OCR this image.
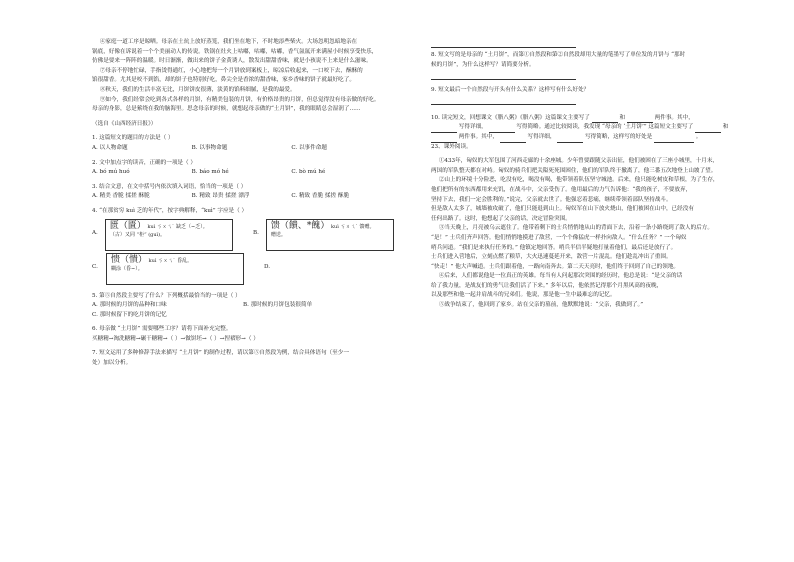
④家庭一道工序是晾晒。母亲在土炕上放好蒸笼，我们坐在地下，不时地添些柴火。大场忽明忽暗地亲在

锅底，好像在诉说着一个个美丽动人的传说。铁锅在灶火上咕嘟，咕嘟，咕嘟，香气氤氲开来满屋小时候享受快乐，

仿佛是要来一阵阵的温暖。时日渐渐，做出来的饼子金黄诱人，散发出甜甜香味，就是小孩说不上来是什么滋味。

⑦母亲不停地忙碌，手指烫得通红，小心地把每一个月饼放到案板上，晾凉后收起来，一口咬下去，酥酥的

馅很甜香。尤其是咬不到馅，却的饼子也特别好吃，鼻尖全是香浓的甜香味，家乡香味的饼子就最好吃了。

⑧秋天，我们的生活丰富无比，月饼饼皮很薄，淡黄的馅料细腻，是我的最爱。

⑨如今，我们经常会吃到各式各样的月饼，有精美包装的月饼，有价格昂贵的月饼，但总觉得没有母亲做的好吃。

母亲的身影，总是萦绕在我的脑海里。思念母亲的时候，就想起母亲做的“土月饼”，我的眼睛总会湿润了……

（选自《山西经济日报》）

1. 这篇短文的题目的方法是（ ）

A. 以人物命题	B. 以事物命题	C. 以事件命题

2. 文中加点字的读音，正确的一项是（ ）

A. bó mú huó	B. báo mó hé	C. bò mú hé

3. 结合文意，在文中括号内依次填入词语，恰当的一项是（ ）

A. 精美 香脆 揉搓 酥脆	B. 精致 昂贵 揉搓 漂浮	C. 精致 香脆 揉搓 酥脆

4. “在那贫穷 kuì 乏的年代”，按字典解释，“kuì” 字应是（ ）

A.
匮（匱） kuì ㄎㄨㄟˋ 缺乏（~乏）。
（古）又同 “柜” (guì)。	B.
馈（饋、*餽） kuì ㄎㄨㄟˋ 馈赠。
赠送。
C.
愦（憒） kuì ㄎㄨㄟˋ 昏乱。
糊涂（昏~）。	D.

5. 第⑤自然段主要写了什么？下列概括最恰当的一项是（ ）

A. 那时候的月饼的品种和口味	B. 那时候的月饼包装很简单

C. 那时候留下的吃月饼的记忆

6. 母亲做 “土月饼” 需要哪些工序？请将下面补充完整。

买糖精→淘洗糖精→碾干糖精→（ ）→做饼坯→（ ）→捏褶形→（ ）

7. 短文运用了多种修辞手法来描写 “土月饼” 的制作过程，请以第⑤自然段为例，结合具体语句（至少一

处）加以分析。

8. 短文写的是母亲的 “土月饼”，而第①自然段和第②自然段却用大量的笔墨写了单位发的月饼与 “那时

候的月饼”，为什么这样写？请简要分析。

9. 短文最后一个自然段与开头有什么关系？这样写有什么好处？

10. 读完短文，回想课文《腊八粥》《腊八粥》这篇课文主要写了	和	两件事。其中，

写得详细，	写得简略。通过比较阅读，我发现 “母亲的 ‘土月饼’” 这篇短文主要写了	和

两件事。其中，	写得详细，	写得简略，这样写的好处是	。

23、课外阅读。

①433年，匈奴的大军包围了河西走廊的十余座城。少年曾要跟随父亲出征，他们被困在了三座小城里，十月末，

两国的军队整天都在对峙。匈奴的骑兵们把关隘死死围困住，他们的军队终于撤离了，他三番五次地登上山坡了望。

②山上的环境十分险恶，吃没有吃，喝没有喝，他带领着队伍坚守城池。后来，他只能吃树皮和草根，为了生存，

他们把所有的东西都用来充饥，在战斗中，父亲受伤了。他用最后的力气告诉他：“我的孩子，不要放弃，

坚持下去，我们一定会胜利的。”说完，父亲就去世了。他强忍着悲痛，继续带领着部队坚持战斗。

但是敌人太多了，城墙被攻破了，他们只能退到山上。匈奴军在山下放火烧山，他们被困在山中，已经没有

任何出路了。这时，他想起了父亲的话，决定冒险突围。

③当天晚上，月亮被乌云遮住了。他带着剩下的士兵悄悄地从山的背面下去，沿着一条小路绕到了敌人的后方。

“是！” 士兵们齐声回答。他们悄悄地摸进了敌营，一个个像猛虎一样扑向敌人。“什么任务？” 一个匈奴

哨兵问道。“我们是来执行任务的。” 他镇定地回答。哨兵半信半疑地打量着他们，最后还是放行了。

士兵们进入营地后，立刻点燃了粮草，大火迅速蔓延开来，敌营一片混乱。他们趁乱冲出了重围。

“快走！” 他大声喊道。士兵们跟着他，一路向南奔去。第二天天亮时，他们终于回到了自己的领地。

④后来，人们都说他是一位真正的英雄。每当有人问起那次突围的经历时，他总是说：“是父亲的话

给了我力量，是战友们的勇气让我们活了下来。” 多年以后，他依然记得那个月黑风高的夜晚，

以及那些和他一起并肩战斗的兄弟们。他说，那是他一生中最难忘的记忆。

⑤战争结束了，他回到了家乡。站在父亲的墓前，他默默地说：“父亲，我做到了。”
